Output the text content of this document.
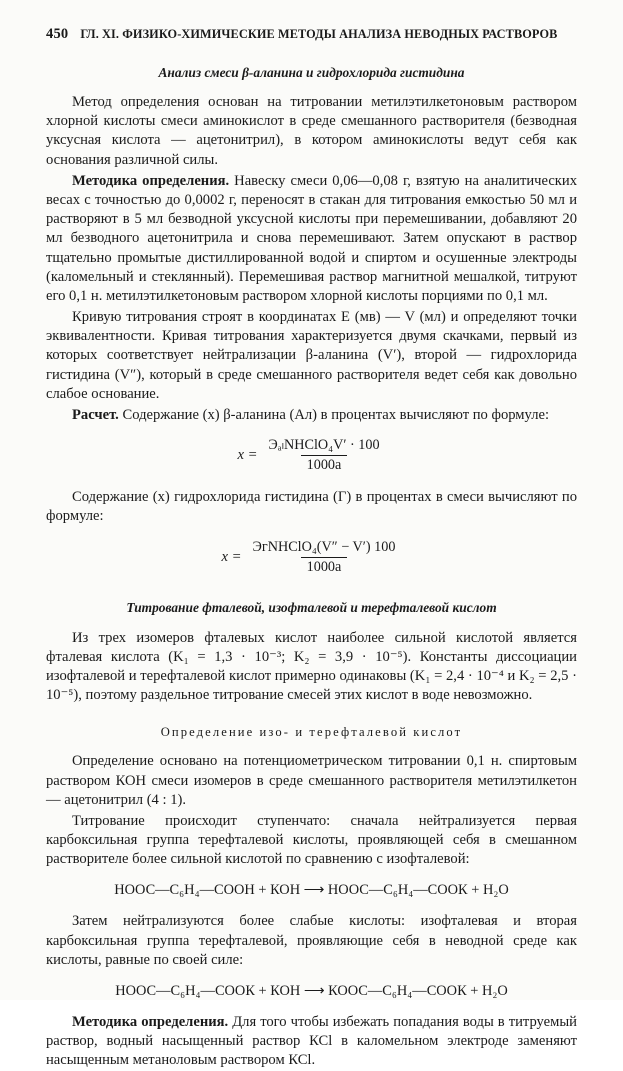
450 ГЛ. XI. ФИЗИКО-ХИМИЧЕСКИЕ МЕТОДЫ АНАЛИЗА НЕВОДНЫХ РАСТВОРОВ
Анализ смеси β-аланина и гидрохлорида гистидина

Метод определения основан на титровании метилэтилкетоновым раствором хлорной кислоты смеси аминокислот в среде смешанного растворителя (безводная уксусная кислота — ацетонитрил), в котором аминокислоты ведут себя как основания различной силы.

Методика определения. Навеску смеси 0,06—0,08 г, взятую на аналитических весах с точностью до 0,0002 г, переносят в стакан для титрования емкостью 50 мл и растворяют в 5 мл безводной уксусной кислоты при перемешивании, добавляют 20 мл безводного ацетонитрила и снова перемешивают. Затем опускают в раствор тщательно промытые дистиллированной водой и спиртом и осушенные электроды (каломельный и стеклянный). Перемешивая раствор магнитной мешалкой, титруют его 0,1 н. метилэтилкетоновым раствором хлорной кислоты порциями по 0,1 мл.

Кривую титрования строят в координатах E (мв) — V (мл) и определяют точки эквивалентности. Кривая титрования характеризуется двумя скачками, первый из которых соответствует нейтрализации β-аланина (V′), второй — гидрохлорида гистидина (V″), который в среде смешанного растворителя ведет себя как довольно слабое основание.

Расчет. Содержание (x) β-аланина (Ал) в процентах вычисляют по формуле:

$x = \frac{\text{ЭₐₗNНClO₄V′ · 100}}{1000a}$

Содержание (x) гидрохлорида гистидина (Г) в процентах в смеси вычисляют по формуле:

$x = \frac{\text{ЭгNНClO₄(V″ − V′) 100}}{1000a}$
Титрование фталевой, изофталевой и терефталевой кислот

Из трех изомеров фталевых кислот наиболее сильной кислотой является фталевая кислота (K₁ = 1,3 · 10⁻³; K₂ = 3,9 · 10⁻⁵). Константы диссоциации изофталевой и терефталевой кислот примерно одинаковы (K₁ = 2,4 · 10⁻⁴ и K₂ = 2,5 · 10⁻⁵), поэтому раздельное титрование смесей этих кислот в воде невозможно.

Определение изо- и терефталевой кислот

Определение основано на потенциометрическом титровании 0,1 н. спиртовым раствором КОН смеси изомеров в среде смешанного растворителя метилэтилкетон — ацетонитрил (4 : 1).

Титрование происходит ступенчато: сначала нейтрализуется первая карбоксильная группа терефталевой кислоты, проявляющей себя в смешанном растворителе более сильной кислотой по сравнению с изофталевой:

НООС—С₆Н₄—СООН + КОН ⟶ НООС—С₆Н₄—СООК + Н₂О

Затем нейтрализуются более слабые кислоты: изофталевая и вторая карбоксильная группа терефталевой, проявляющие себя в неводной среде как кислоты, равные по своей силе:

НООС—С₆Н₄—СООК + КОН ⟶ КООС—С₆Н₄—СООК + Н₂О

Методика определения. Для того чтобы избежать попадания воды в титруемый раствор, водный насыщенный раствор КСl в каломельном электроде заменяют насыщенным метаноловым раствором КСl.
